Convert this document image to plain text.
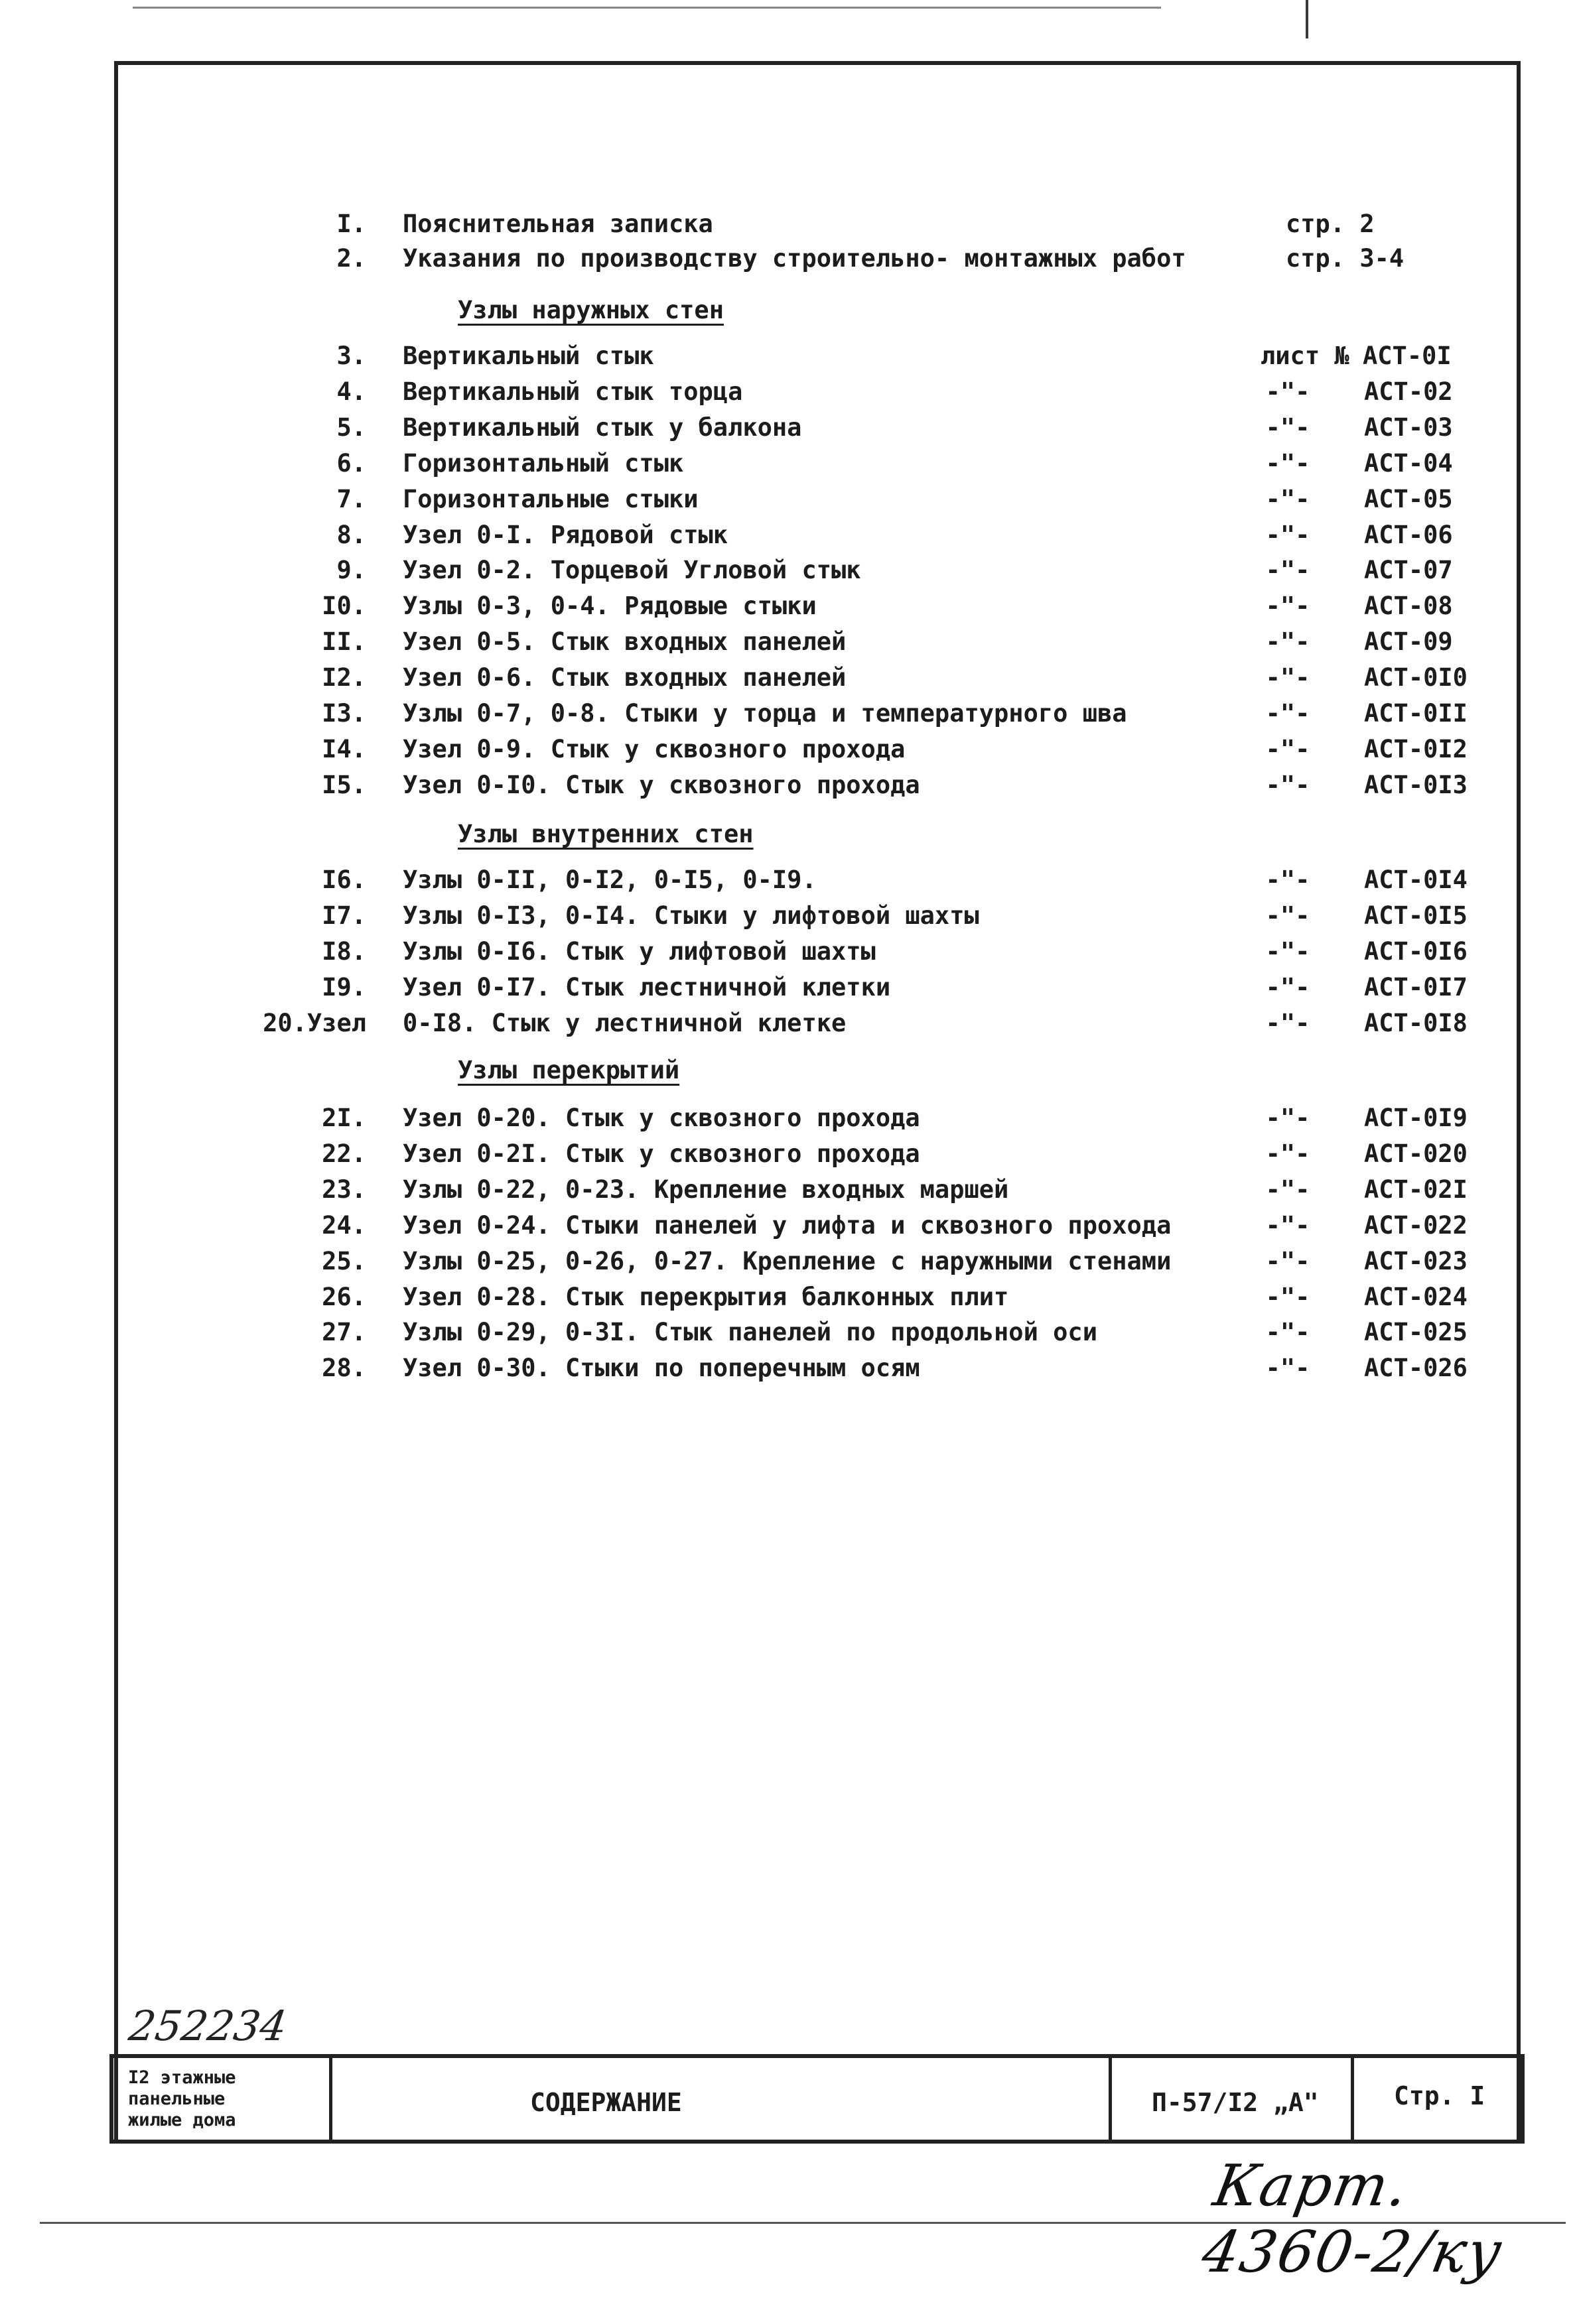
I. Пояснительная записка	стр. 2
2. Указания по производству строительно- монтажных работ	стр. 3-4
Узлы наружных стен
3. Вертикальный стык	лист № АСТ-0I
4. Вертикальный стык торца	-"-	АСТ-02
5. Вертикальный стык у балкона	-"-	АСТ-03
6. Горизонтальный стык	-"-	АСТ-04
7. Горизонтальные стыки	-"-	АСТ-05
8. Узел 0-I. Рядовой стык	-"-	АСТ-06
9. Узел 0-2. Торцевой Угловой стык	-"-	АСТ-07
I0. Узлы 0-3, 0-4. Рядовые стыки	-"-	АСТ-08
II. Узел 0-5. Стык входных панелей	-"-	АСТ-09
I2. Узел 0-6. Стык входных панелей	-"-	АСТ-0I0
I3. Узлы 0-7, 0-8. Стыки у торца и температурного шва	-"-	АСТ-0II
I4. Узел 0-9. Стык у сквозного прохода	-"-	АСТ-0I2
I5. Узел 0-I0. Стык у сквозного прохода	-"-	АСТ-0I3
Узлы внутренних стен
I6. Узлы 0-II, 0-I2, 0-I5, 0-I9.	-"-	АСТ-0I4
I7. Узлы 0-I3, 0-I4. Стыки у лифтовой шахты	-"-	АСТ-0I5
I8. Узлы 0-I6. Стык у лифтовой шахты	-"-	АСТ-0I6
I9. Узел 0-I7. Стык лестничной клетки	-"-	АСТ-0I7
20.Узел 0-I8. Стык у лестничной клетке	-"-	АСТ-0I8
Узлы перекрытий
2I. Узел 0-20. Стык у сквозного прохода	-"-	АСТ-0I9
22. Узел 0-2I. Стык у сквозного прохода	-"-	АСТ-020
23. Узлы 0-22, 0-23. Крепление входных маршей	-"-	АСТ-02I
24. Узел 0-24. Стыки панелей у лифта и сквозного прохода	-"-	АСТ-022
25. Узлы 0-25, 0-26, 0-27. Крепление с наружными стенами	-"-	АСТ-023
26. Узел 0-28. Стык перекрытия балконных плит	-"-	АСТ-024
27. Узлы 0-29, 0-3I. Стык панелей по продольной оси	-"-	АСТ-025
28. Узел 0-30. Стыки по поперечным осям	-"-	АСТ-026
252234
I2 этажные
панельные
жилые дома
СОДЕРЖАНИЕ	П-57/I2 „А"	Стр. I
Карт. 4360-2/ку
